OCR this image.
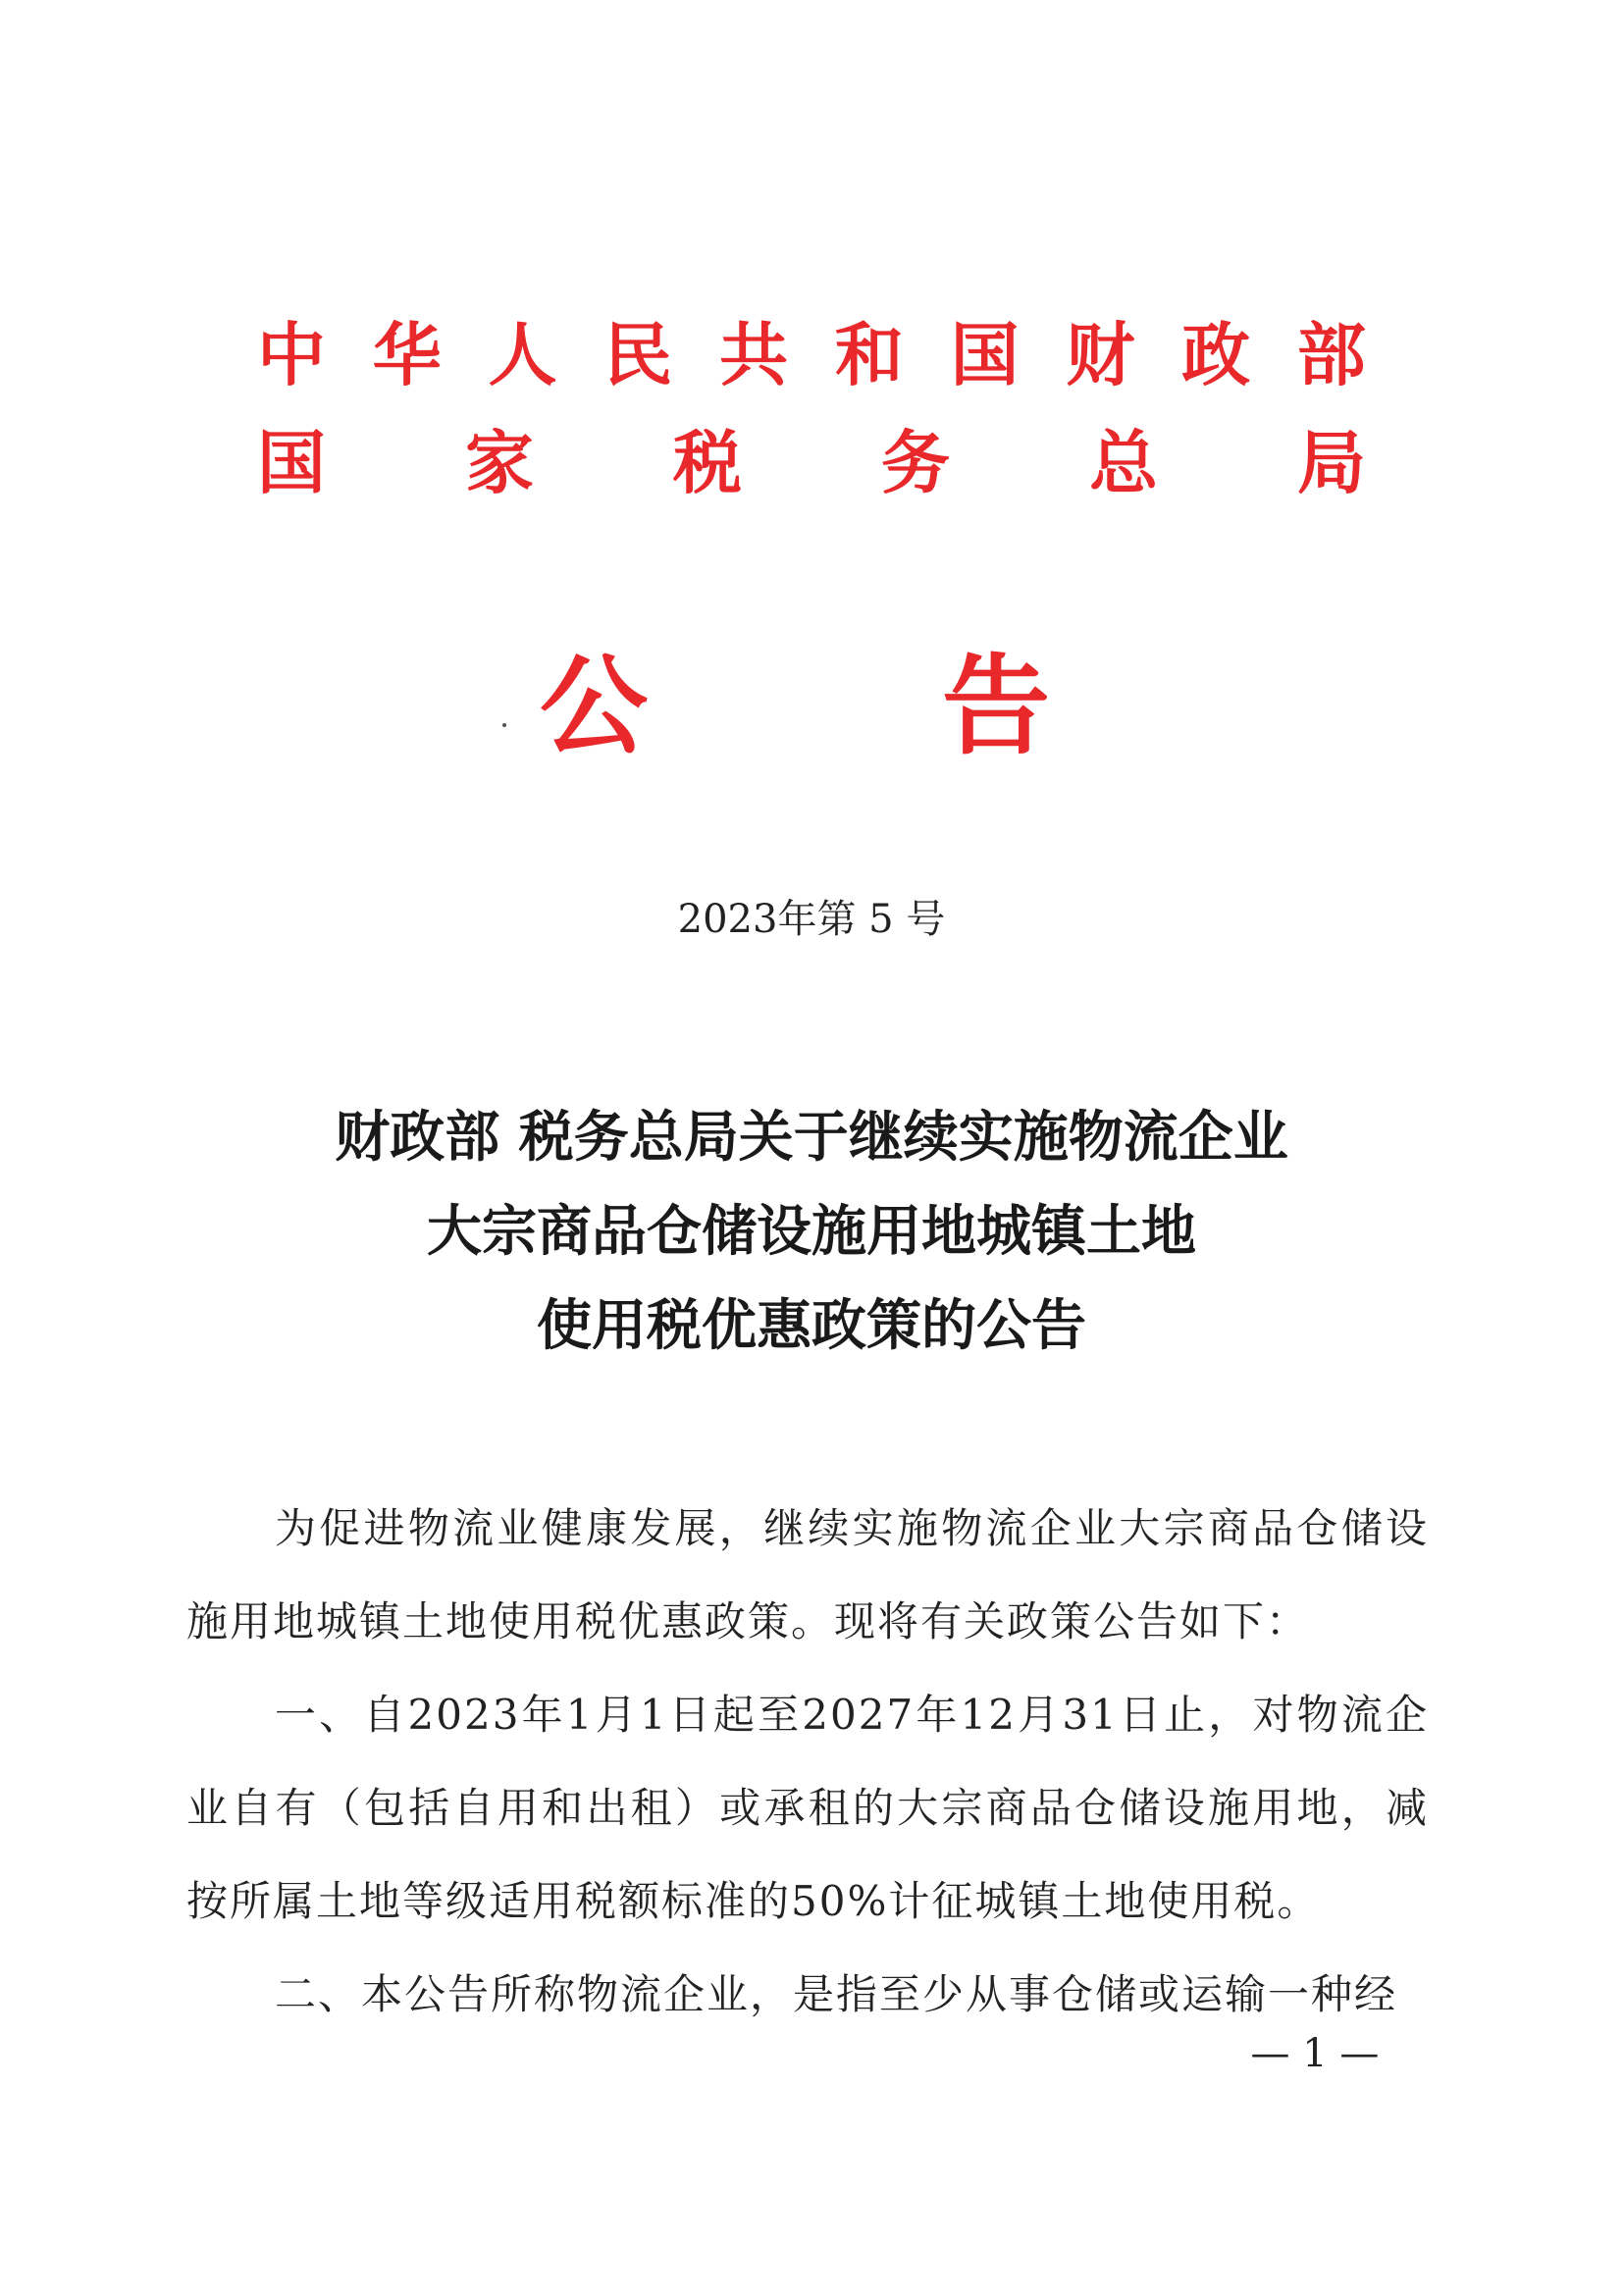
中 华 人 民 共 和 国 财 政 部
国 家 税 务 总 局
公	告
2023年第 5 号
财政部 税务总局关于继续实施物流企业
大宗商品仓储设施用地城镇土地
使用税优惠政策的公告

为促进物流业健康发展，继续实施物流企业大宗商品仓储设施用地城镇土地使用税优惠政策。现将有关政策公告如下：

一、自2023年1月1日起至2027年12月31日止，对物流企业自有（包括自用和出租）或承租的大宗商品仓储设施用地，减按所属土地等级适用税额标准的50%计征城镇土地使用税。

二、本公告所称物流企业，是指至少从事仓储或运输一种经

— 1 —
